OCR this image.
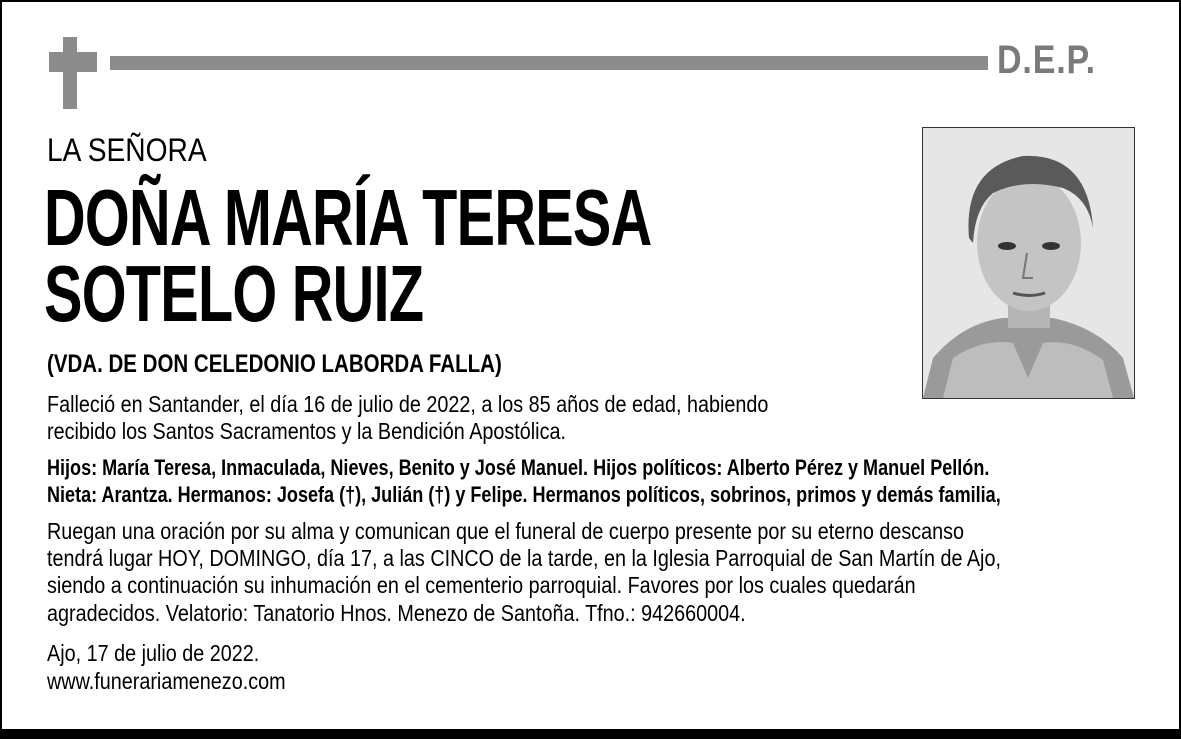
D.E.P.
LA SEÑORA
DOÑA MARÍA TERESA
SOTELO RUIZ
(VDA. DE DON CELEDONIO LABORDA FALLA)
Falleció en Santander, el día 16 de julio de 2022, a los 85 años de edad, habiendo
recibido los Santos Sacramentos y la Bendición Apostólica.
Hijos: María Teresa, Inmaculada, Nieves, Benito y José Manuel. Hijos políticos: Alberto Pérez y Manuel Pellón.
Nieta: Arantza. Hermanos: Josefa (†), Julián (†) y Felipe. Hermanos políticos, sobrinos, primos y demás familia,
Ruegan una oración por su alma y comunican que el funeral de cuerpo presente por su eterno descanso
tendrá lugar HOY, DOMINGO, día 17, a las CINCO de la tarde, en la Iglesia Parroquial de San Martín de Ajo,
siendo a continuación su inhumación en el cementerio parroquial. Favores por los cuales quedarán
agradecidos. Velatorio: Tanatorio Hnos. Menezo de Santoña. Tfno.: 942660004.
Ajo, 17 de julio de 2022.
www.funerariamenezo.com
